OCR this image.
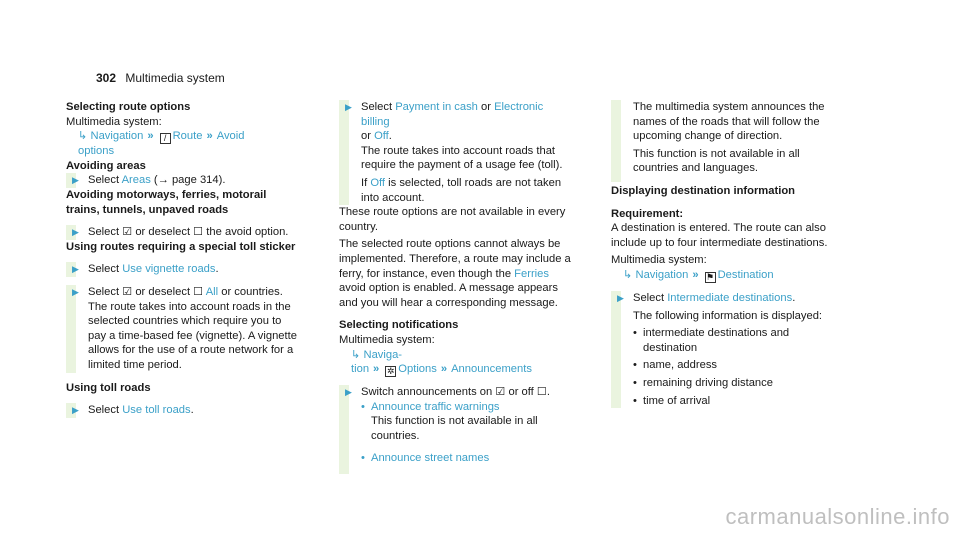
302 Multimedia system

Selecting route options

Multimedia system:

↳ Navigation » / Route » Avoid
options

Avoiding areas

▶ Select Areas (→ page 314).

Avoiding motorways, ferries, motorail trains, tunnels, unpaved roads

▶ Select ☑ or deselect ☐ the avoid option.

Using routes requiring a special toll sticker

▶ Select Use vignette roads.
▶ Select ☑ or deselect ☐ All or countries.

The route takes into account roads in the selected countries which require you to pay a time-based fee (vignette). A vignette allows for the use of a route network for a limited time period.

Using toll roads

▶ Select Use toll roads.
▶ Select Payment in cash or Electronic billing
or Off.

The route takes into account roads that require the payment of a usage fee (toll).

If Off is selected, toll roads are not taken into account.

These route options are not available in every country.

The selected route options cannot always be implemented. Therefore, a route may include a ferry, for instance, even though the Ferries avoid option is enabled. A message appears and you will hear a corresponding message.

Selecting notifications

Multimedia system:

↳ Naviga-
tion » ✲ Options » Announcements

▶ Switch announcements on ☑ or off ☐.
• Announce traffic warnings

This function is not available in all countries.

• Announce street names

The multimedia system announces the names of the roads that will follow the upcoming change of direction.

This function is not available in all countries and languages.

Displaying destination information

Requirement:

A destination is entered. The route can also include up to four intermediate destinations.

Multimedia system:

↳ Navigation » ⚑ Destination

▶ Select Intermediate destinations.

The following information is displayed:

• intermediate destinations and destination
• name, address
• remaining driving distance
• time of arrival
carmanualsonline.info
